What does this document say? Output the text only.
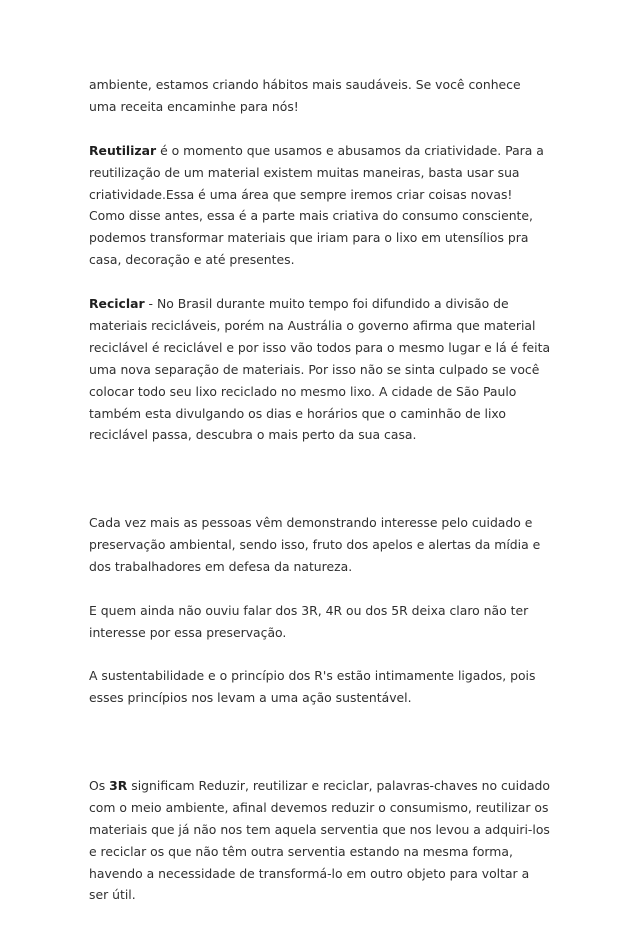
ambiente, estamos criando hábitos mais saudáveis. Se você conhece uma receita encaminhe para nós!

Reutilizar é o momento que usamos e abusamos da criatividade. Para a reutilização de um material existem muitas maneiras, basta usar sua criatividade.Essa é uma área que sempre iremos criar coisas novas! Como disse antes, essa é a parte mais criativa do consumo consciente, podemos transformar materiais que iriam para o lixo em utensílios pra casa, decoração e até presentes.

Reciclar - No Brasil durante muito tempo foi difundido a divisão de materiais recicláveis, porém na Austrália o governo afirma que material reciclável é reciclável e por isso vão todos para o mesmo lugar e lá é feita uma nova separação de materiais. Por isso não se sinta culpado se você colocar todo seu lixo reciclado no mesmo lixo. A cidade de São Paulo também esta divulgando os dias e horários que o caminhão de lixo reciclável passa, descubra o mais perto da sua casa.

Cada vez mais as pessoas vêm demonstrando interesse pelo cuidado e preservação ambiental, sendo isso, fruto dos apelos e alertas da mídia e dos trabalhadores em defesa da natureza.

E quem ainda não ouviu falar dos 3R, 4R ou dos 5R deixa claro não ter interesse por essa preservação.

A sustentabilidade e o princípio dos R's estão intimamente ligados, pois esses princípios nos levam a uma ação sustentável.

Os 3R significam Reduzir, reutilizar e reciclar, palavras-chaves no cuidado com o meio ambiente, afinal devemos reduzir o consumismo, reutilizar os materiais que já não nos tem aquela serventia que nos levou a adquiri-los e reciclar os que não têm outra serventia estando na mesma forma, havendo a necessidade de transformá-lo em outro objeto para voltar a ser útil.
